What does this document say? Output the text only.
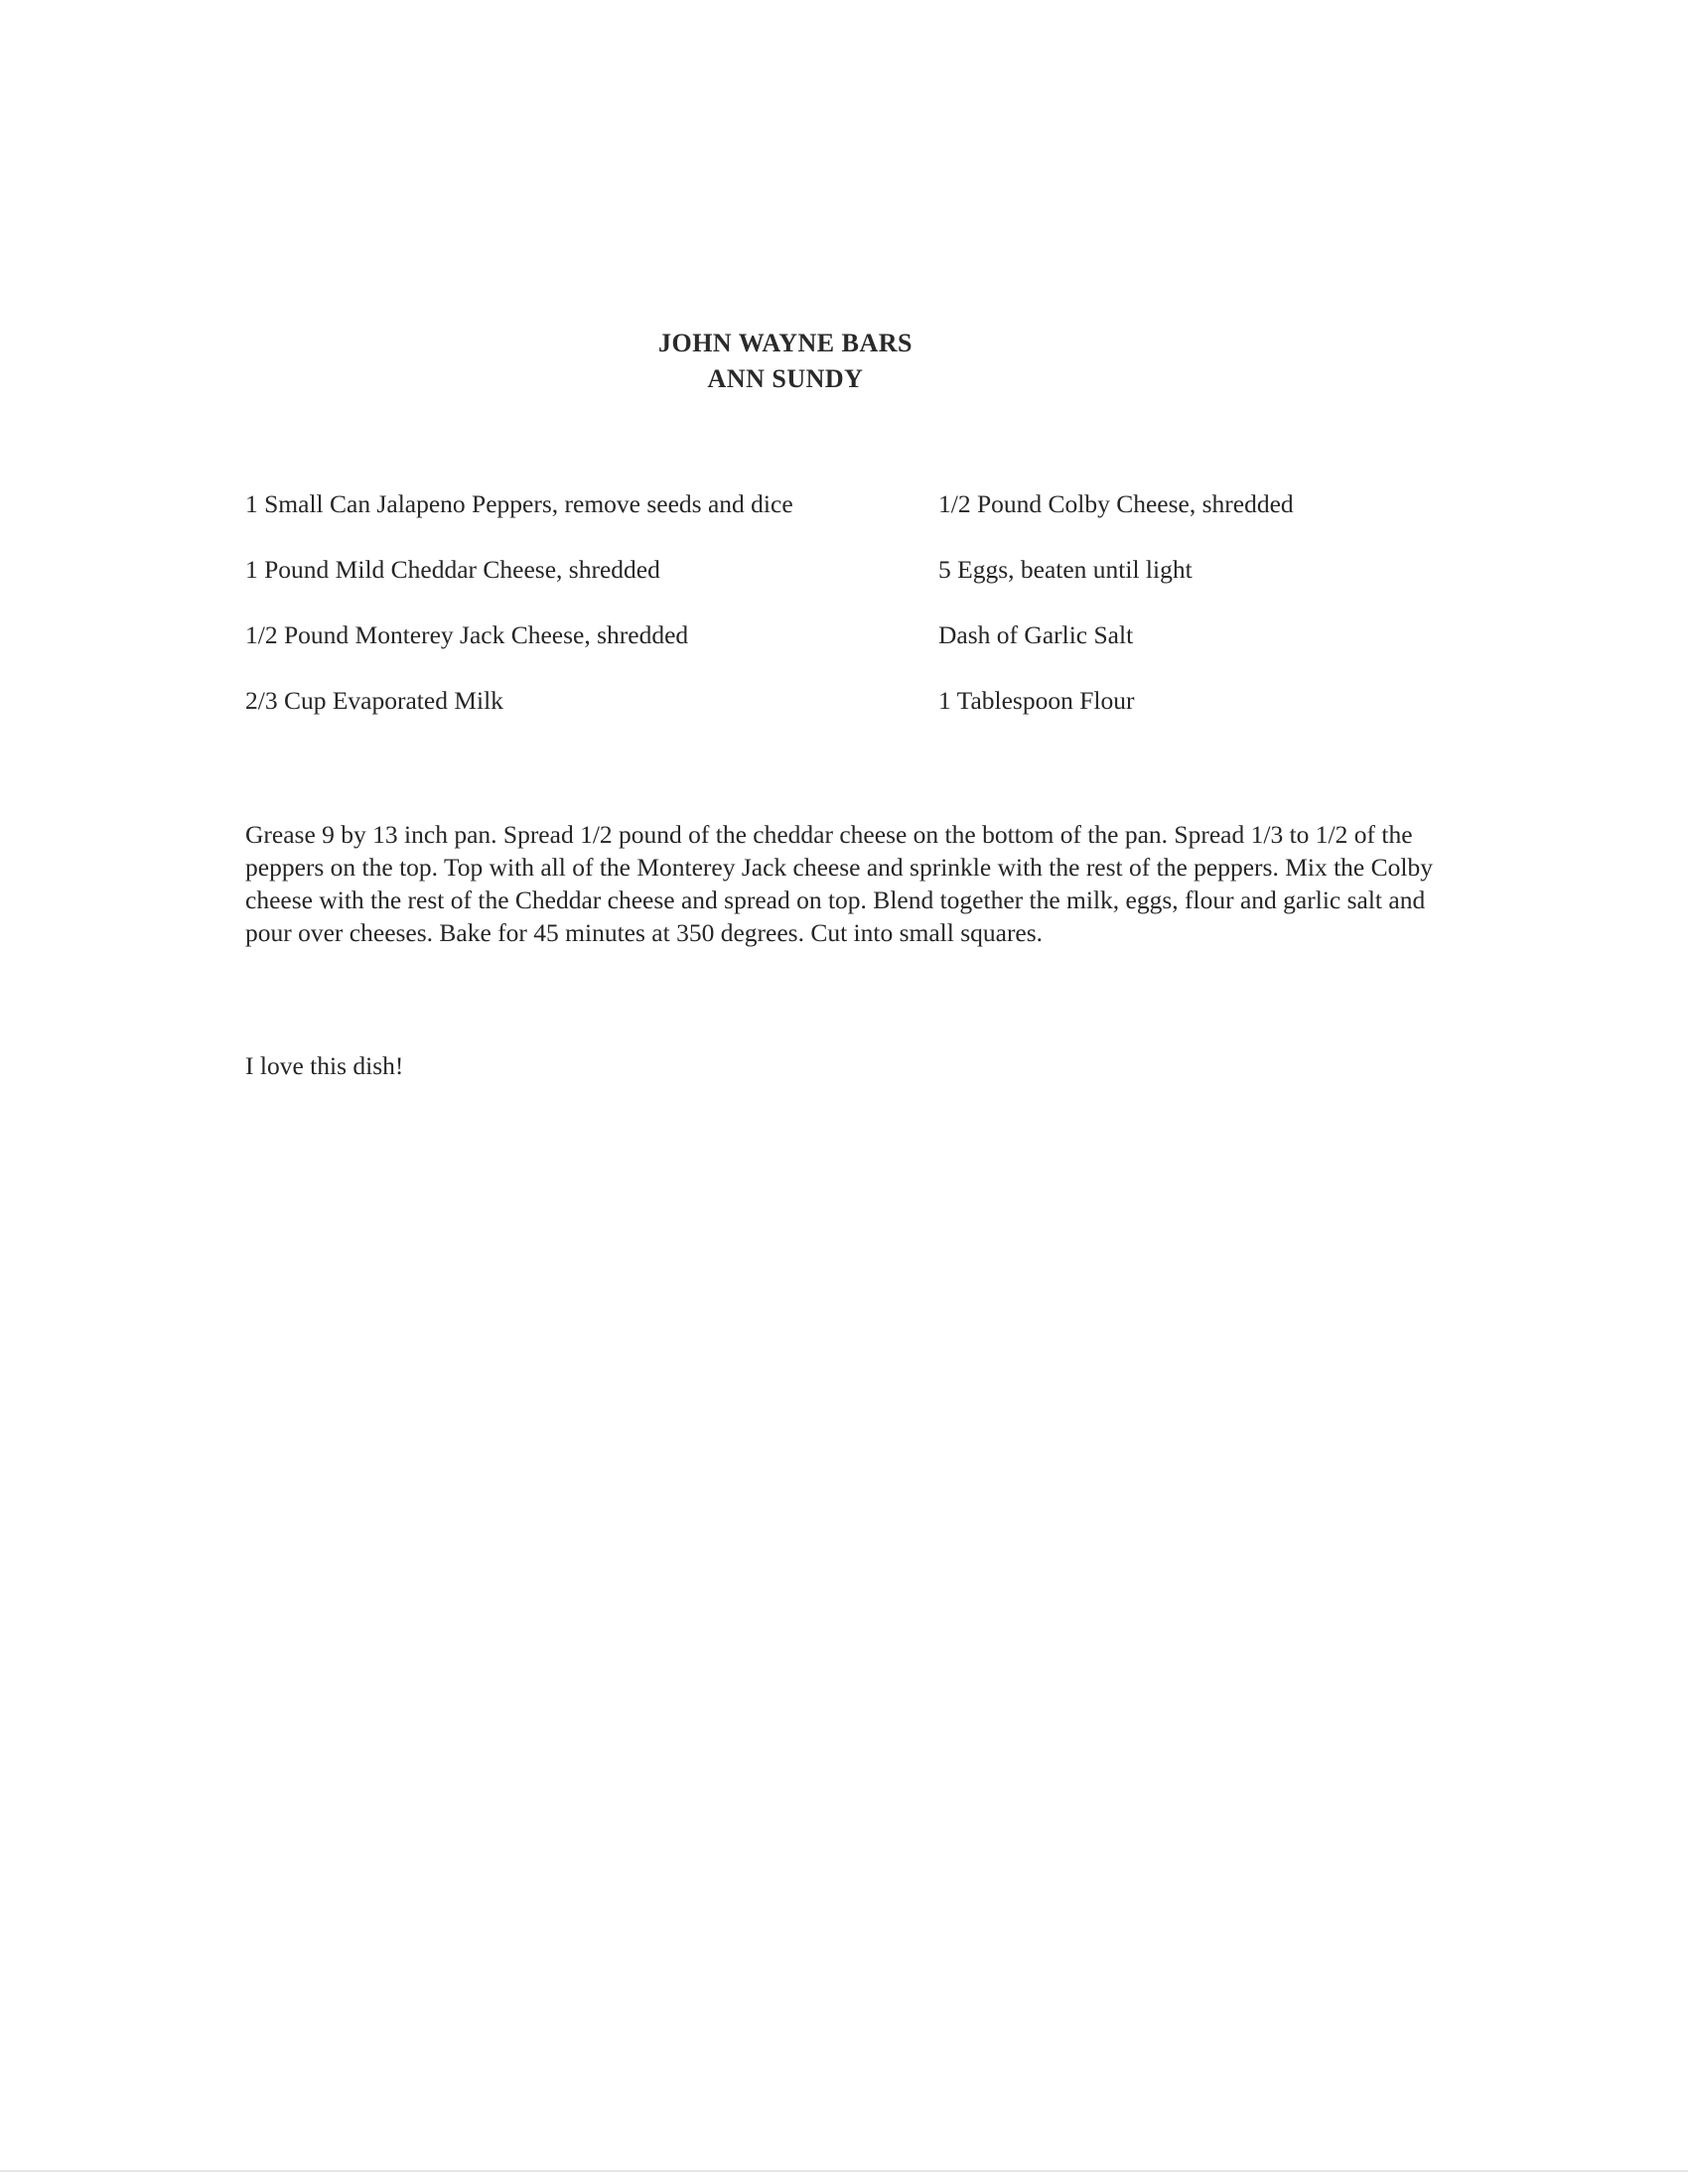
JOHN WAYNE BARS
ANN SUNDY
1 Small Can Jalapeno Peppers, remove seeds and dice
1 Pound Mild Cheddar Cheese, shredded
1/2 Pound Monterey Jack Cheese, shredded
2/3 Cup Evaporated Milk
1/2 Pound Colby Cheese, shredded
5 Eggs, beaten until light
Dash of Garlic Salt
1 Tablespoon Flour
Grease 9 by 13 inch pan. Spread 1/2 pound of the cheddar cheese on the bottom of the pan. Spread 1/3 to 1/2 of the peppers on the top. Top with all of the Monterey Jack cheese and sprinkle with the rest of the peppers. Mix the Colby cheese with the rest of the Cheddar cheese and spread on top. Blend together the milk, eggs, flour and garlic salt and pour over cheeses. Bake for 45 minutes at 350 degrees. Cut into small squares.
I love this dish!
